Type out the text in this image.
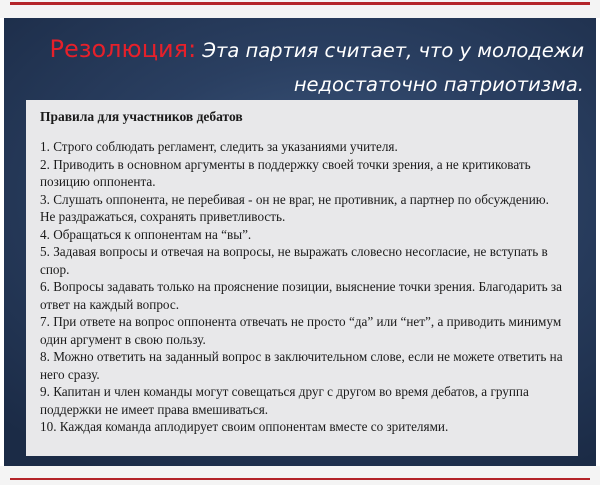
Резолюция: Эта партия считает, что у молодежи недостаточно патриотизма.
Правила для участников дебатов
1. Строго соблюдать регламент, следить за указаниями учителя.
2. Приводить в основном аргументы в поддержку своей точки зрения, а не критиковать позицию оппонента.
3. Слушать оппонента, не перебивая - он не враг, не противник, а партнер по обсуждению. Не раздражаться, сохранять приветливость.
4. Обращаться к оппонентам на “вы”.
5. Задавая вопросы и отвечая на вопросы, не выражать словесно несогласие, не вступать в спор.
6. Вопросы задавать только на прояснение позиции, выяснение точки зрения. Благодарить за ответ на каждый вопрос.
7. При ответе на вопрос оппонента отвечать не просто “да” или “нет”, а приводить минимум один аргумент в свою пользу.
8. Можно ответить на заданный вопрос в заключительном слове, если не можете ответить на него сразу.
9. Капитан и член команды могут совещаться друг с другом во время дебатов, а группа поддержки не имеет права вмешиваться.
10. Каждая команда аплодирует своим оппонентам вместе со зрителями.
